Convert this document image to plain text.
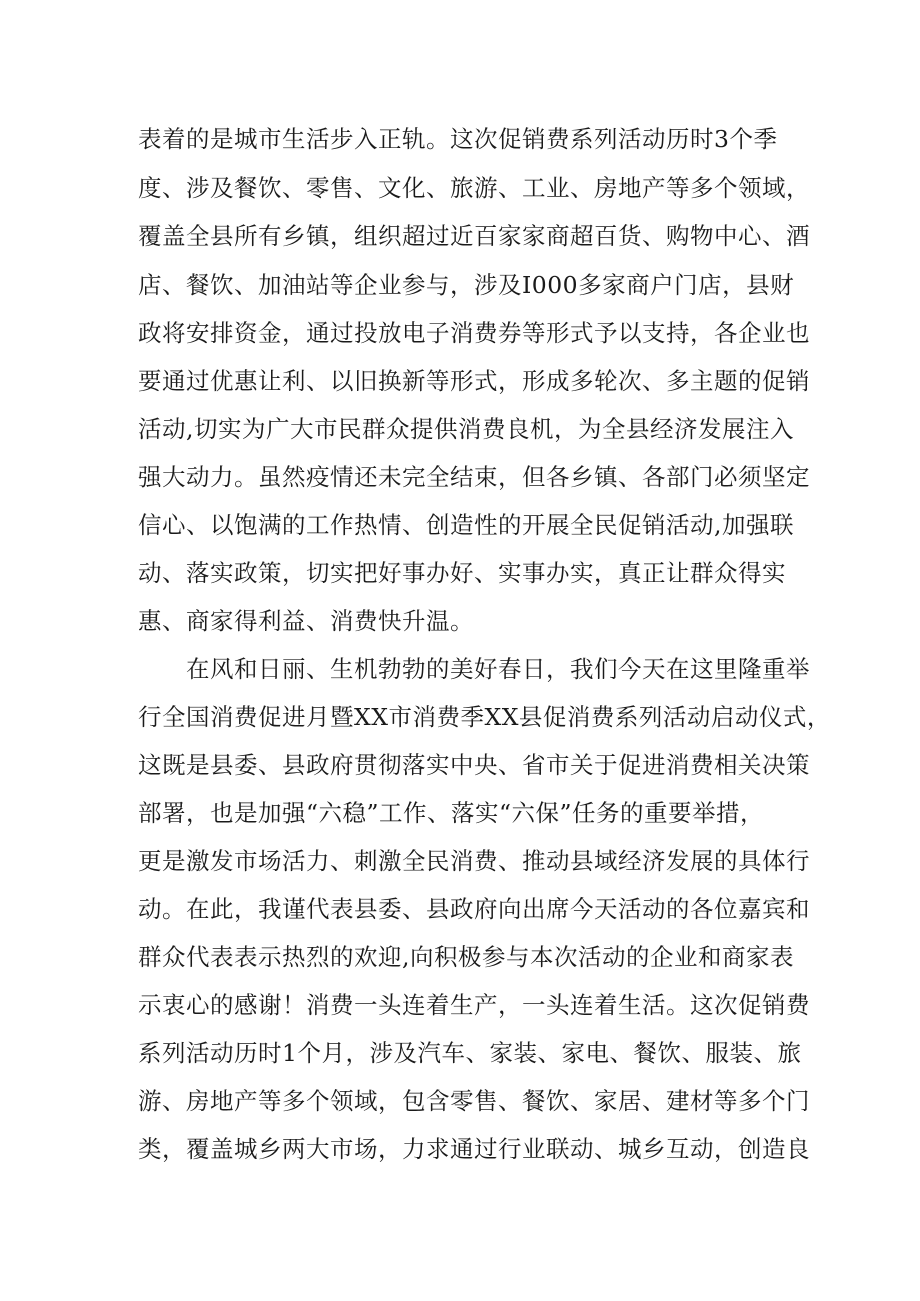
表着的是城市生活步入正轨。这次促销费系列活动历时3个季
度、涉及餐饮、零售、文化、旅游、工业、房地产等多个领域，
覆盖全县所有乡镇，组织超过近百家家商超百货、购物中心、酒
店、餐饮、加油站等企业参与，涉及I000多家商户门店，县财
政将安排资金，通过投放电子消费券等形式予以支持，各企业也
要通过优惠让利、以旧换新等形式，形成多轮次、多主题的促销
活动,切实为广大市民群众提供消费良机，为全县经济发展注入
强大动力。虽然疫情还未完全结束，但各乡镇、各部门必须坚定
信心、以饱满的工作热情、创造性的开展全民促销活动,加强联
动、落实政策，切实把好事办好、实事办实，真正让群众得实
惠、商家得利益、消费快升温。
在风和日丽、生机勃勃的美好春日，我们今天在这里隆重举
行全国消费促进月暨XX市消费季XX县促消费系列活动启动仪式，
这既是县委、县政府贯彻落实中央、省市关于促进消费相关决策
部署，也是加强“六稳”工作、落实“六保”任务的重要举措，
更是激发市场活力、刺激全民消费、推动县域经济发展的具体行
动。在此，我谨代表县委、县政府向出席今天活动的各位嘉宾和
群众代表表示热烈的欢迎,向积极参与本次活动的企业和商家表
示衷心的感谢！消费一头连着生产，一头连着生活。这次促销费
系列活动历时1个月，涉及汽车、家装、家电、餐饮、服装、旅
游、房地产等多个领域，包含零售、餐饮、家居、建材等多个门
类，覆盖城乡两大市场，力求通过行业联动、城乡互动，创造良
